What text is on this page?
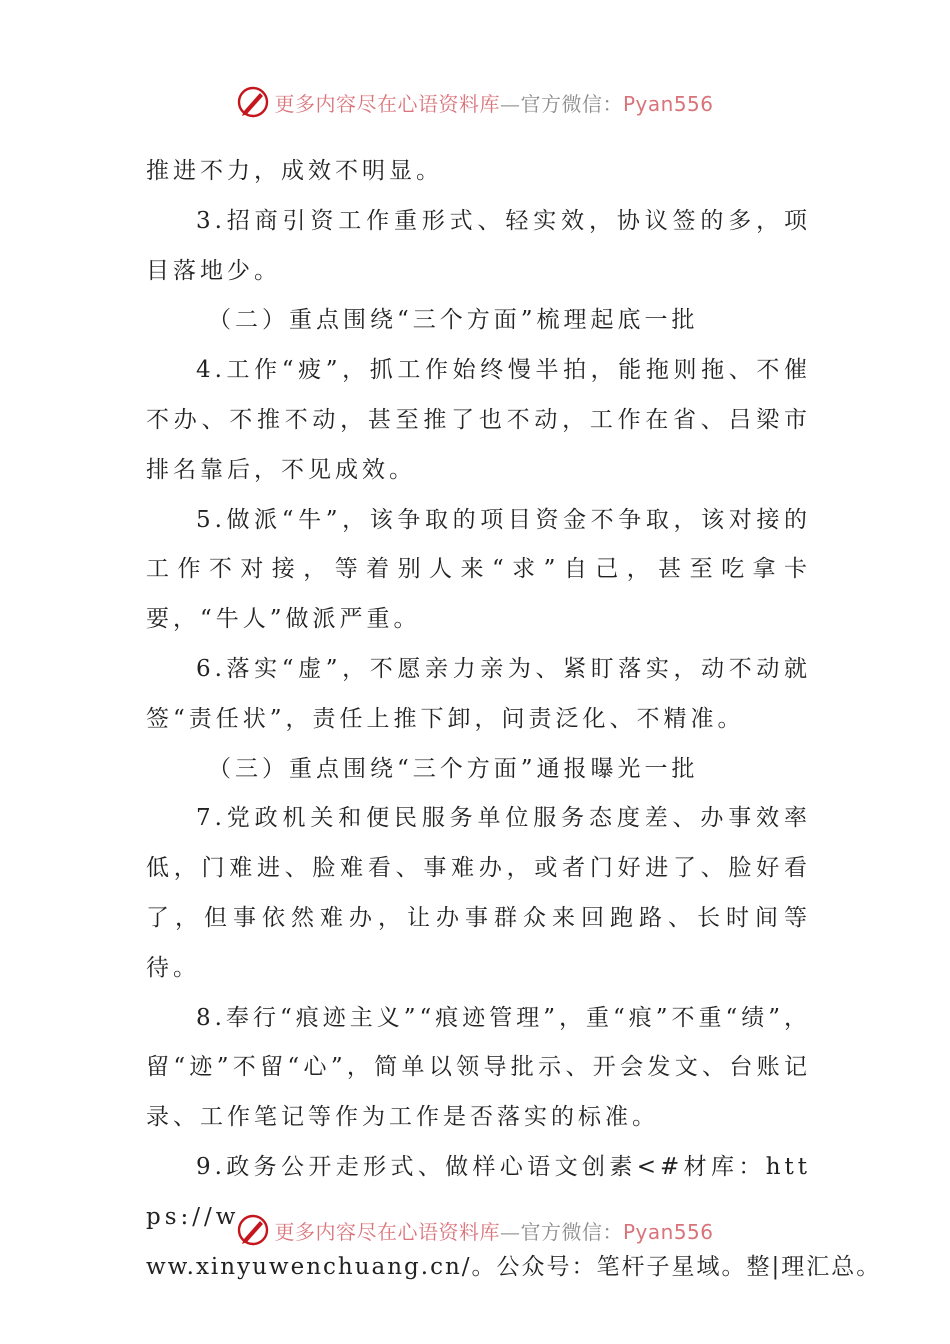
更多内容尽在心语资料库—官方微信：Pyan556

推进不力，成效不明显。

3.招商引资工作重形式、轻实效，协议签的多，项目落地少。

（二）重点围绕“三个方面”梳理起底一批

4.工作“疲”，抓工作始终慢半拍，能拖则拖、不催不办、不推不动，甚至推了也不动，工作在省、吕梁市排名靠后，不见成效。

5.做派“牛”，该争取的项目资金不争取，该对接的工作不对接，等着别人来“求”自己，甚至吃拿卡要，“牛人”做派严重。

6.落实“虚”，不愿亲力亲为、紧盯落实，动不动就签“责任状”，责任上推下卸，问责泛化、不精准。

（三）重点围绕“三个方面”通报曝光一批

7.党政机关和便民服务单位服务态度差、办事效率低，门难进、脸难看、事难办，或者门好进了、脸好看了，但事依然难办，让办事群众来回跑路、长时间等待。

8.奉行“痕迹主义”“痕迹管理”，重“痕”不重“绩”，留“迹”不留“心”，简单以领导批示、开会发文、台账记录、工作笔记等作为工作是否落实的标准。

9.政务公开走形式、做样心语文创素<#材库：https://w

ww.xinyuwenchuang.cn/。公众号：笔杆子星域。整|理汇总。

更多内容尽在心语资料库—官方微信：Pyan556
